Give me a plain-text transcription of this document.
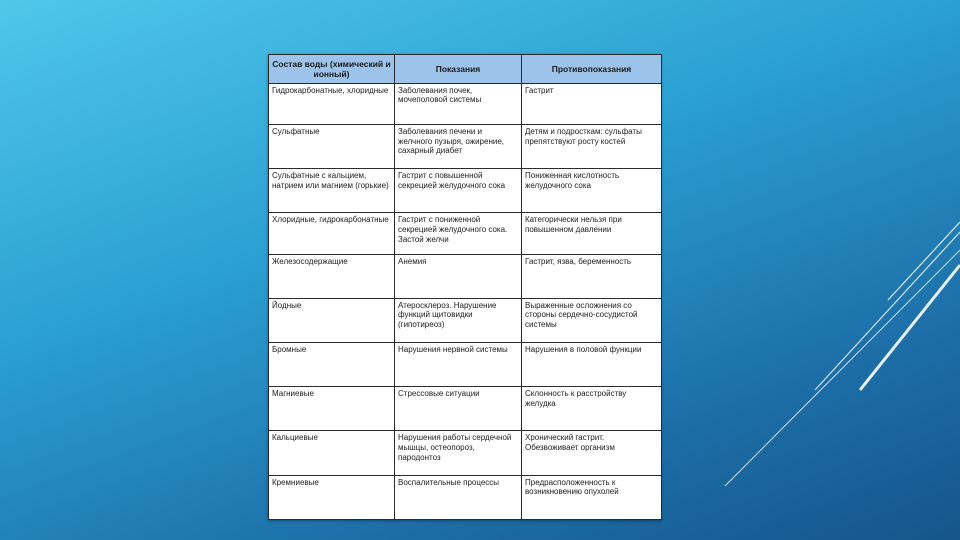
Состав воды (химический и ионный)	Показания	Противопоказания
Гидрокарбонатные, хлоридные	Заболевания почек, мочеполовой системы	Гастрит
Сульфатные	Заболевания печени и желчного пузыря, ожирение, сахарный диабет	Детям и подросткам: сульфаты препятствуют росту костей
Сульфатные с кальцием, натрием или магнием (горькие)	Гастрит с повышенной секрецией желудочного сока	Пониженная кислотность желудочного сока
Хлоридные, гидрокарбонатные	Гастрит с пониженной секрецией желудочного сока. Застой желчи	Категорически нельзя при повышенном давлении
Железосодержащие	Анемия	Гастрит, язва, беременность
Йодные	Атеросклероз. Нарушение функций щитовидки (гипотиреоз)	Выраженные осложнения со стороны сердечно-сосудистой системы
Бромные	Нарушения нервной системы	Нарушения в половой функции
Магниевые	Стрессовые ситуации	Склонность к расстройству желудка
Кальциевые	Нарушения работы сердечной мышцы, остеопороз, пародонтоз	Хронический гастрит. Обезвоживает организм
Кремниевые	Воспалительные процессы	Предрасположенность к возникновению опухолей
